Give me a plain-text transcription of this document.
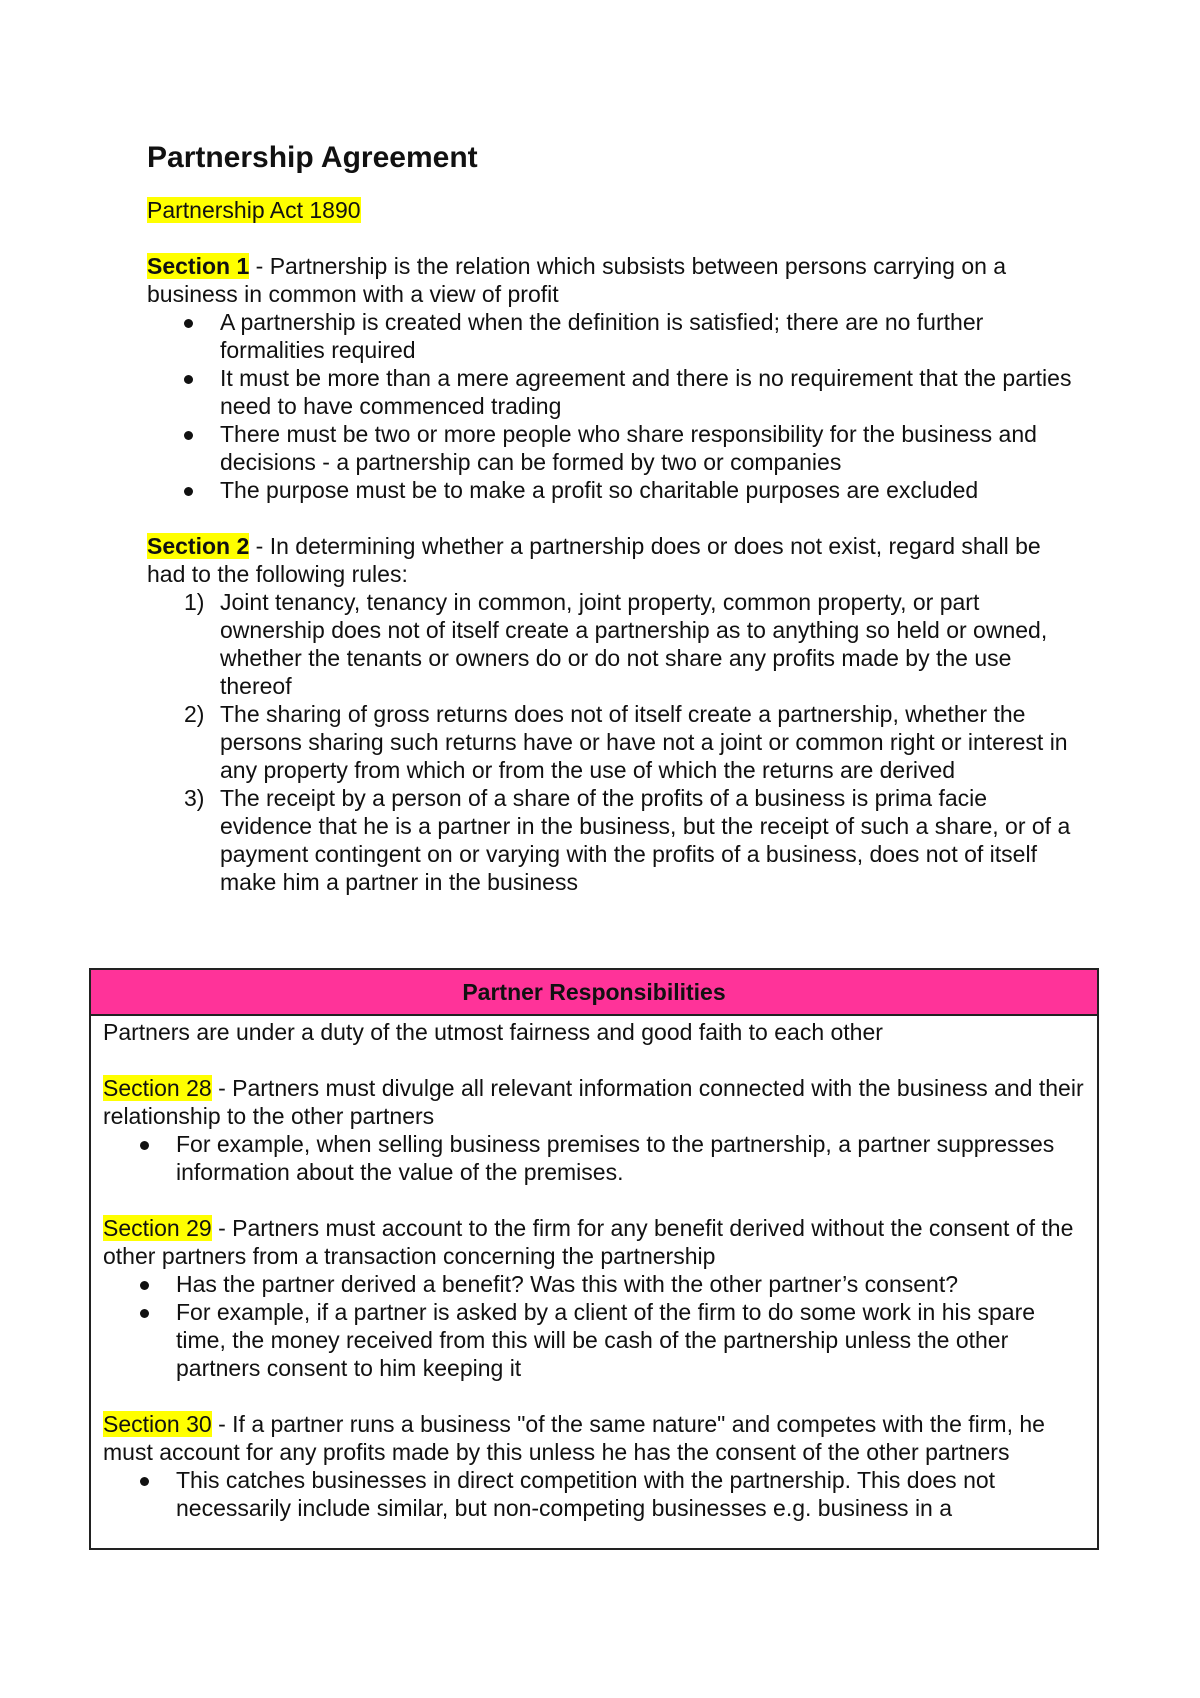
Partnership Agreement
Partnership Act 1890

Section 1 - Partnership is the relation which subsists between persons carrying on a business in common with a view of profit

A partnership is created when the definition is satisfied; there are no further formalities required
It must be more than a mere agreement and there is no requirement that the parties need to have commenced trading
There must be two or more people who share responsibility for the business and decisions - a partnership can be formed by two or companies
The purpose must be to make a profit so charitable purposes are excluded

Section 2 - In determining whether a partnership does or does not exist, regard shall be had to the following rules:

1) Joint tenancy, tenancy in common, joint property, common property, or part ownership does not of itself create a partnership as to anything so held or owned, whether the tenants or owners do or do not share any profits made by the use thereof
2) The sharing of gross returns does not of itself create a partnership, whether the persons sharing such returns have or have not a joint or common right or interest in any property from which or from the use of which the returns are derived
3) The receipt by a person of a share of the profits of a business is prima facie evidence that he is a partner in the business, but the receipt of such a share, or of a payment contingent on or varying with the profits of a business, does not of itself make him a partner in the business
Partner Responsibilities

Partners are under a duty of the utmost fairness and good faith to each other

Section 28 - Partners must divulge all relevant information connected with the business and their relationship to the other partners

For example, when selling business premises to the partnership, a partner suppresses information about the value of the premises.

Section 29 - Partners must account to the firm for any benefit derived without the consent of the other partners from a transaction concerning the partnership

Has the partner derived a benefit? Was this with the other partner’s consent?
For example, if a partner is asked by a client of the firm to do some work in his spare time, the money received from this will be cash of the partnership unless the other partners consent to him keeping it

Section 30 - If a partner runs a business "of the same nature" and competes with the firm, he must account for any profits made by this unless he has the consent of the other partners

This catches businesses in direct competition with the partnership. This does not necessarily include similar, but non-competing businesses e.g. business in a
